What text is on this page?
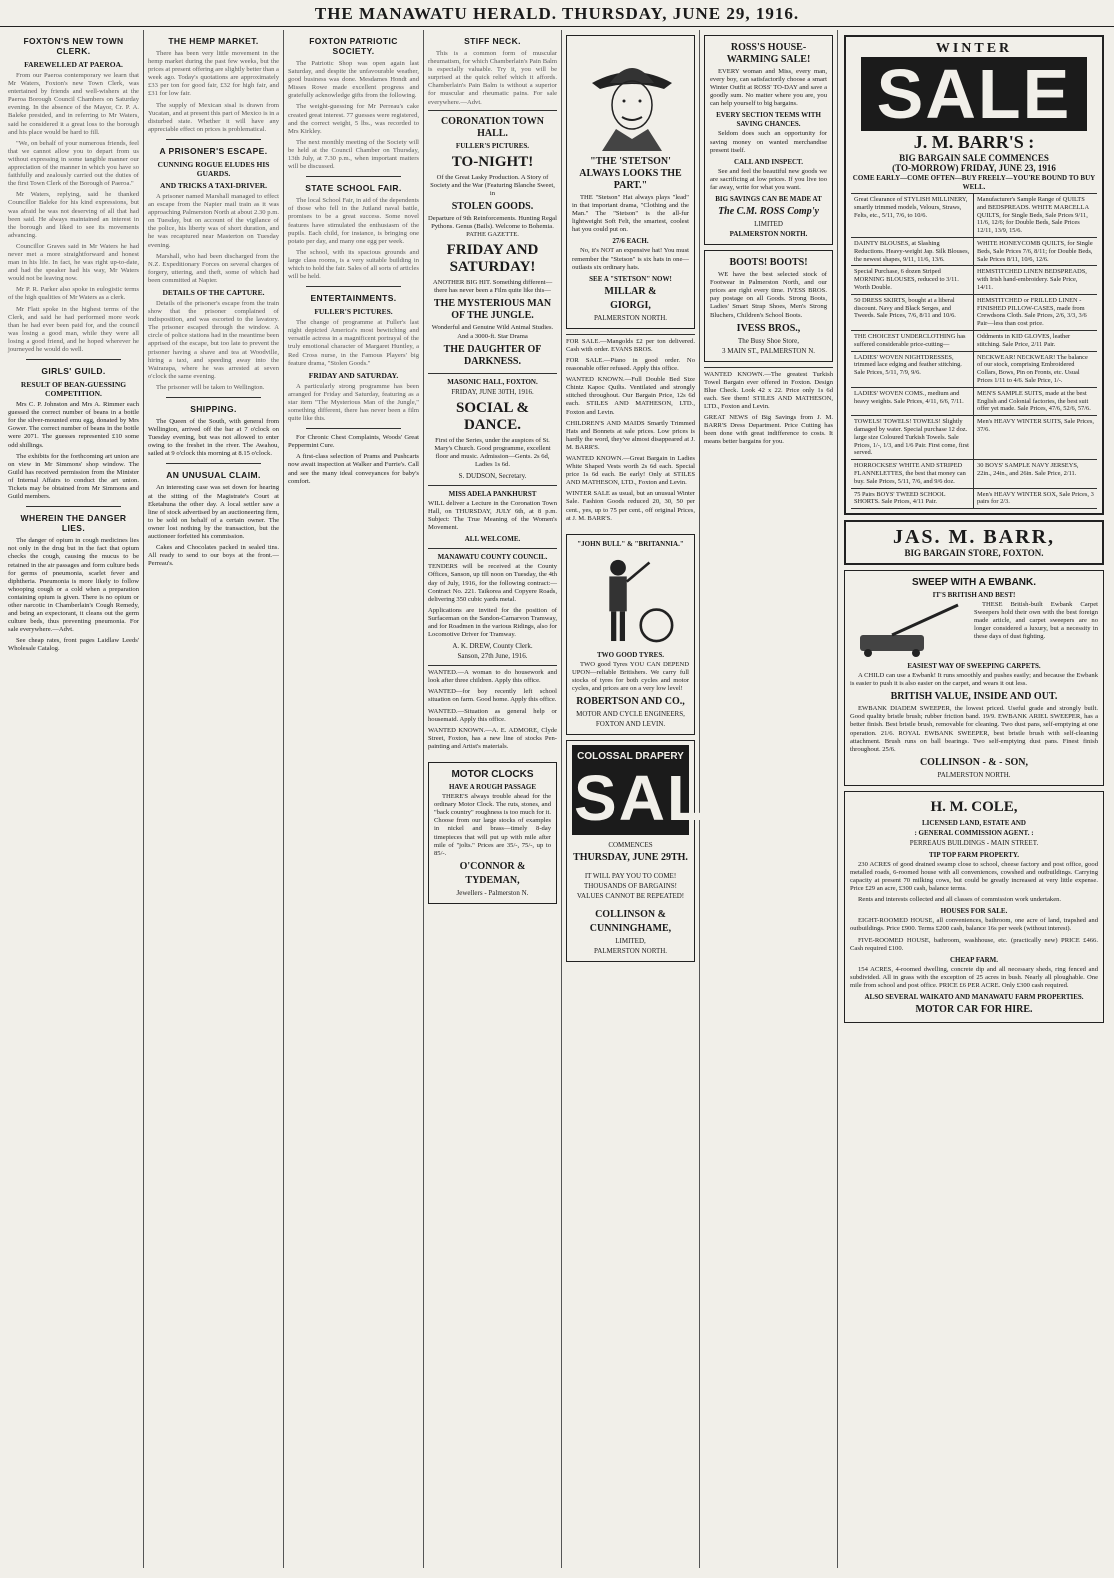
THE MANAWATU HERALD. THURSDAY, JUNE 29, 1916.
FOXTON'S NEW TOWN CLERK.
FAREWELLED AT PAEROA.

From our Paeroa contemporary we learn that Mr Waters, Foxton's new Town Clerk, was entertained by friends and well-wishers at the Paeroa Borough Council Chambers on Saturday evening. In the absence of the Mayor, Cr. P. A. Baleke presided, and in referring to Mr Waters, said he considered it a great loss to the borough and his place would be hard to fill.

"We, on behalf of your numerous friends, feel that we cannot allow you to depart from us without expressing in some tangible manner our appreciation of the manner in which you have so faithfully and zealously carried out the duties of the first Town Clerk of the Borough of Paeroa."

Mr Waters, replying, said he thanked Councillor Baleke for his kind expressions, but was afraid he was not deserving of all that had been said. He always maintained an interest in the borough and liked to see its movements advancing.

Councillor Graves said in Mr Waters he had never met a more straightforward and honest man in his life. In fact, he was right up-to-date, and had the speaker had his way, Mr Waters would not be leaving now.

Mr P. R. Parker also spoke in eulogistic terms of the high qualities of Mr Waters as a clerk.

Mr Flatt spoke in the highest terms of the Clerk, and said he had performed more work than he had ever been paid for, and the council was losing a good man, while they were all losing a good friend, and he hoped wherever he journeyed he would do well.

GIRLS' GUILD.
RESULT OF BEAN-GUESSING COMPETITION.

Mrs C. P. Johnston and Mrs A. Rimmer each guessed the correct number of beans in a bottle for the silver-mounted emu egg, donated by Mrs Gower. The correct number of beans in the bottle were 2071. The guesses represented £10 some odd shillings.

The exhibits for the forthcoming art union are on view in Mr Simmons' shop window. The Guild has received permission from the Minister of Internal Affairs to conduct the art union. Tickets may be obtained from Mr Simmons and Guild members.

WHEREIN THE DANGER LIES.

The danger of opium in cough medicines lies not only in the drug but in the fact that opium checks the cough, causing the mucus to be retained in the air passages and form culture beds for germs of pneumonia, scarlet fever and diphtheria. Pneumonia is more likely to follow whooping cough or a cold when a preparation containing opium is given. There is no opium or other narcotic in Chamberlain's Cough Remedy, and being an expectorant, it cleans out the germ culture beds, thus preventing pneumonia. For sale everywhere.—Advt.

See cheap rates, front pages Laidlaw Leeds' Wholesale Catalog.

THE HEMP MARKET.

There has been very little movement in the hemp market during the past few weeks, but the prices at present offering are slightly better than a week ago. Today's quotations are approximately £33 per ton for good fair, £32 for high fair, and £31 for low fair.

The supply of Mexican sisal is drawn from Yucatan, and at present this part of Mexico is in a disturbed state. Whether it will have any appreciable effect on prices is problematical.

A PRISONER'S ESCAPE.
CUNNING ROGUE ELUDES HIS GUARDS.
AND TRICKS A TAXI-DRIVER.

A prisoner named Marshall managed to effect an escape from the Napier mail train as it was approaching Palmerston North at about 2.30 p.m. on Tuesday, but on account of the vigilance of the police, his liberty was of short duration, and he was recaptured near Masterton on Tuesday evening.

Marshall, who had been discharged from the N.Z. Expeditionary Forces on several charges of forgery, uttering, and theft, some of which had been committed at Napier.

DETAILS OF THE CAPTURE.

Details of the prisoner's escape from the train show that the prisoner complained of indisposition, and was escorted to the lavatory. The prisoner escaped through the window. A circle of police stations had in the meantime been apprised of the escape, but too late to prevent the prisoner having a shave and tea at Woodville, hiring a taxi, and speeding away into the Wairarapa, where he was arrested at seven o'clock the same evening.

The prisoner will be taken to Wellington.

SHIPPING.

The Queen of the South, with general from Wellington, arrived off the bar at 7 o'clock on Tuesday evening, but was not allowed to enter owing to the freshet in the river. The Awahou, sailed at 9 o'clock this morning at 8.15 o'clock.

AN UNUSUAL CLAIM.

An interesting case was set down for hearing at the sitting of the Magistrate's Court at Eketahuna the other day. A local settler saw a line of stock advertised by an auctioneering firm, to be sold on behalf of a certain owner. The owner lost nothing by the transaction, but the auctioneer forfeited his commission.

Cakes and Chocolates packed in sealed tins. All ready to send to our boys at the front.—Perreau's.

FOXTON PATRIOTIC SOCIETY.

The Patriotic Shop was open again last Saturday, and despite the unfavourable weather, good business was done. Mesdames Hondt and Misses Rowe made excellent progress and gratefully acknowledge gifts from the following.

The weight-guessing for Mr Perreau's cake created great interest. 77 guesses were registered, and the correct weight, 5 lbs., was recorded to Mrs Kirkley.

The next monthly meeting of the Society will be held at the Council Chamber on Thursday, 13th July, at 7.30 p.m., when important matters will be discussed.

STATE SCHOOL FAIR.

The local School Fair, in aid of the dependents of those who fell in the Jutland naval battle, promises to be a great success. Some novel features have stimulated the enthusiasm of the pupils. Each child, for instance, is bringing one potato per day, and many one egg per week.

The school, with its spacious grounds and large class rooms, is a very suitable building in which to hold the fair. Sales of all sorts of articles will be held.

ENTERTAINMENTS.
FULLER'S PICTURES.

The change of programme at Fuller's last night depicted America's most bewitching and versatile actress in a magnificent portrayal of the truly emotional character of Margaret Huntley, a Red Cross nurse, in the Famous Players' big feature drama, "Stolen Goods."

FRIDAY AND SATURDAY.

A particularly strong programme has been arranged for Friday and Saturday, featuring as a star item "The Mysterious Man of the Jungle," something different, there has never been a film quite like this.

For Chronic Chest Complaints, Woods' Great Peppermint Cure.

A first-class selection of Prams and Pushcarts now await inspection at Walker and Furrie's. Call and see the many ideal conveyances for baby's comfort.

STIFF NECK.

This is a common form of muscular rheumatism, for which Chamberlain's Pain Balm is especially valuable. Try it, you will be surprised at the quick relief which it affords. Chamberlain's Pain Balm is without a superior for muscular and rheumatic pains. For sale everywhere.—Advt.

CORONATION TOWN HALL.
FULLER'S PICTURES.
TO-NIGHT!

Of the Great Lasky Production. A Story of Society and the War (Featuring Blanche Sweet, in

STOLEN GOODS.

Departure of 9th Reinforcements. Hunting Regal Pythons. Genus (Bails). Welcome to Bohemia. PATHE GAZETTE.

FRIDAY AND SATURDAY!

ANOTHER BIG HIT. Something different—there has never been a Film quite like this—

THE MYSTERIOUS MAN OF THE JUNGLE.

Wonderful and Genuine Wild Animal Studies. And a 3000-ft. Star Drama

THE DAUGHTER OF DARKNESS.
MASONIC HALL, FOXTON.
FRIDAY, JUNE 30TH, 1916.
SOCIAL & DANCE.

First of the Series, under the auspices of St. Mary's Church. Good programme, excellent floor and music. Admission—Gents. 2s 6d, Ladies 1s 6d.

S. DUDSON, Secretary.
MISS ADELA PANKHURST

WILL deliver a Lecture in the Coronation Town Hall, on THURSDAY, JULY 6th, at 8 p.m. Subject: The True Meaning of the Women's Movement.

ALL WELCOME.
MANAWATU COUNTY COUNCIL.

TENDERS will be received at the County Offices, Sanson, up till noon on Tuesday, the 4th day of July, 1916, for the following contract:— Contract No. 221. Taikorea and Copyere Roads, delivering 350 cubic yards metal.

Applications are invited for the position of Surfaceman on the Sandon-Carnarvon Tramway, and for Roadmen in the various Ridings, also for Locomotive Driver for Tramway.

A. K. DREW, County Clerk.
Sanson, 27th June, 1916.

WANTED.—A woman to do housework and look after three children. Apply this office.

WANTED—for boy recently left school situation on farm. Good home. Apply this office.

WANTED.—Situation as general help or housemaid. Apply this office.

WANTED KNOWN.—A. E. ADMORE, Clyde Street, Foxton, has a new line of stocks Pen-painting and Artist's materials.

MOTOR CLOCKS
HAVE A ROUGH PASSAGE

THERE'S always trouble ahead for the ordinary Motor Clock. The ruts, stones, and "back country" roughness is too much for it. Choose from our large stocks of examples in nickel and brass—timely 8-day timepieces that will put up with mile after mile of "jolts." Prices are 35/-, 75/-, up to 85/-.

O'CONNOR &
TYDEMAN,
Jewellers - Palmerston N.
"THE 'STETSON' ALWAYS LOOKS THE PART."

THE "Stetson" Hat always plays "lead" in that important drama, "Clothing and the Man." The "Stetson" is the all-fur lightweight Soft Felt, the smartest, coolest hat you could put on.

27/6 EACH.

No, it's NOT an expensive hat! You must remember the "Stetson" is six hats in one—outlasts six ordinary hats.

SEE A "STETSON" NOW!
MILLAR &
GIORGI,
PALMERSTON NORTH.

FOR SALE.—Mangolds £2 per ton delivered. Cash with order. EVANS BROS.

FOR SALE.—Piano in good order. No reasonable offer refused. Apply this office.

WANTED KNOWN.—Full Double Bed Size Chintz Kapoc Quilts. Ventilated and strongly stitched throughout. Our Bargain Price, 12s 6d each. STILES AND MATHESON, LTD., Foxton and Levin.

CHILDREN'S AND MAIDS Smartly Trimmed Hats and Bonnets at sale prices. Low prices is hardly the word, they've almost disappeared at J. M. BARR'S.

WANTED KNOWN.—Great Bargain in Ladies White Shaped Vests worth 2s 6d each. Special price 1s 6d each. Be early! Only at STILES AND MATHESON, LTD., Foxton and Levin.

WINTER SALE as usual, but an unusual Winter Sale. Fashion Goods reduced 20, 30, 50 per cent., yes, up to 75 per cent., off original Prices, at J. M. BARR'S.

"JOHN BULL" & "BRITANNIA."
TWO GOOD TYRES.

TWO good Tyres YOU CAN DEPEND UPON—reliable Britishers. We carry full stocks of tyres for both cycles and motor cycles, and prices are on a very low level!

ROBERTSON AND CO.,
MOTOR AND CYCLE ENGINEERS,
FOXTON AND LEVIN.
COLOSSAL DRAPERY
SALE
COMMENCES
THURSDAY, JUNE 29TH.
IT WILL PAY YOU TO COME!
THOUSANDS OF BARGAINS!
VALUES CANNOT BE REPEATED!
COLLINSON &
CUNNINGHAME,
LIMITED,
PALMERSTON NORTH.
ROSS'S HOUSE-WARMING SALE!

EVERY woman and Miss, every man, every boy, can satisfactorily choose a smart Winter Outfit at ROSS' TO-DAY and save a goodly sum. No matter where you are, you can help yourself to big bargains.

EVERY SECTION TEEMS WITH SAVING CHANCES.

Seldom does such an opportunity for saving money on wanted merchandise present itself.

CALL AND INSPECT.

See and feel the beautiful new goods we are sacrificing at low prices. If you live too far away, write for what you want.

BIG SAVINGS CAN BE MADE AT
The C.M. ROSS Comp'y
LIMITED
PALMERSTON NORTH.
BOOTS! BOOTS!

WE have the best selected stock of Footwear in Palmerston North, and our prices are right every time. IVESS BROS. pay postage on all Goods. Strong Boots, Ladies' Smart Strap Shoes, Men's Strong Bluchers, Children's School Boots.

IVESS BROS.,
The Busy Shoe Store,
3 MAIN ST., PALMERSTON N.

WANTED KNOWN.—The greatest Turkish Towel Bargain ever offered in Foxton. Design Blue Check. Look 42 x 22. Price only 1s 6d each. See them! STILES AND MATHESON, LTD., Foxton and Levin.

GREAT NEWS of Big Savings from J. M. BARR'S Dress Department. Price Cutting has been done with great indifference to costs. It means better bargains for you.

WINTER
SALE
J. M. BARR'S :
BIG BARGAIN SALE COMMENCES
(TO-MORROW) FRIDAY, JUNE 23, 1916
COME EARLY—COME OFTEN—BUY FREELY—YOU'RE BOUND TO BUY WELL.
Great Clearance of STYLISH MILLINERY, smartly trimmed models, Velours, Straws, Felts, etc., 5/11, 7/6, to 10/6.
Manufacturer's Sample Range of QUILTS and BEDSPREADS. WHITE MARCELLA QUILTS, for Single Beds, Sale Prices 9/11, 11/6, 12/6; for Double Beds, Sale Prices 12/11, 13/9, 15/6.
DAINTY BLOUSES, at Slashing Reductions. Heavy-weight Jap. Silk Blouses, the newest shapes, 9/11, 11/6, 13/6.
WHITE HONEYCOMB QUILTS, for Single Beds, Sale Prices 7/6, 8/11; for Double Beds, Sale Prices 8/11, 10/6, 12/6.
Special Purchase, 6 dozen Striped MORNING BLOUSES, reduced to 3/11. Worth Double.
HEMSTITCHED LINEN BEDSPREADS, with Irish hand-embroidery. Sale Price, 14/11.
50 DRESS SKIRTS, bought at a liberal discount. Navy and Black Serges, and Tweeds. Sale Prices, 7/6, 8/11 and 10/6.
HEMSTITCHED or FRILLED LINEN - FINISHED PILLOW-CASES, made from Crewdsons Cloth. Sale Prices, 2/6, 3/3, 3/6 Pair—less than cost price.
THE CHOICEST UNDERCLOTHING has suffered considerable price-cutting—
Oddments in KID GLOVES, leather stitching. Sale Price, 2/11 Pair.
LADIES' WOVEN NIGHTDRESSES, trimmed lace edging and feather stitching. Sale Prices, 5/11, 7/9, 9/6.
NECKWEAR! NECKWEAR! The balance of our stock, comprising Embroidered Collars, Bows, Pin on Fronts, etc. Usual Prices 1/11 to 4/6. Sale Price, 1/-.
LADIES' WOVEN COMS., medium and heavy weights. Sale Prices, 4/11, 6/6, 7/11.
MEN'S SAMPLE SUITS, made at the best English and Colonial factories, the best suit offer yet made. Sale Prices, 47/6, 52/6, 57/6.
TOWELS! TOWELS! TOWELS! Slightly damaged by water. Special purchase 12 doz. large size Coloured Turkish Towels. Sale Prices, 1/-, 1/3, and 1/6 Pair. First come, first served.
Men's HEAVY WINTER SUITS, Sale Prices, 37/6.
HORROCKSES' WHITE AND STRIPED FLANNELETTES, the best that money can buy. Sale Prices, 5/11, 7/6, and 9/6 doz.
30 BOYS' SAMPLE NAVY JERSEYS, 22in., 24in., and 26in. Sale Price, 2/11.
75 Pairs BOYS' TWEED SCHOOL SHORTS. Sale Prices, 4/11 Pair.
Men's HEAVY WINTER SOX, Sale Prices, 3 pairs for 2/3.
JAS. M. BARR,
BIG BARGAIN STORE, FOXTON.
SWEEP WITH A EWBANK.
IT'S BRITISH AND BEST!

THESE British-built Ewbank Carpet Sweepers hold their own with the best foreign made article, and carpet sweepers are no longer considered a luxury, but a necessity in these days of dust fighting.

EASIEST WAY OF SWEEPING CARPETS.

A CHILD can use a Ewbank! It runs smoothly and pushes easily; and because the Ewbank is easier to push it is also easier on the carpet, and wears it out less.

BRITISH VALUE, INSIDE AND OUT.

EWBANK DIADEM SWEEPER, the lowest priced. Useful grade and strongly built. Good quality bristle brush; rubber friction band. 19/9. EWBANK ARIEL SWEEPER, has a better finish. Best bristle brush, removable for cleaning. Two dust pans, self-emptying at one operation. 21/6. ROYAL EWBANK SWEEPER, best bristle brush with self-cleaning attachment. Brush runs on ball bearings. Two self-emptying dust pans. Finest finish throughout. 25/6.

COLLINSON - & - SON,
PALMERSTON NORTH.
H. M. COLE,
LICENSED LAND, ESTATE AND
: GENERAL COMMISSION AGENT. :
PERREAUS BUILDINGS - MAIN STREET.
TIP TOP FARM PROPERTY.

230 ACRES of good drained swamp close to school, cheese factory and post office, good metalled roads, 6-roomed house with all conveniences, cowshed and outbuildings. Carrying capacity at present 70 milking cows, but could be greatly increased at very little expense. Price £29 an acre, £300 cash, balance terms.

Rents and interests collected and all classes of commission work undertaken.

HOUSES FOR SALE.

EIGHT-ROOMED HOUSE, all conveniences, bathroom, one acre of land, trapshed and outbuildings. Price £900. Terms £200 cash, balance 16s per week (without interest).

FIVE-ROOMED HOUSE, bathroom, washhouse, etc. (practically new) PRICE £466. Cash required £100.

CHEAP FARM.

154 ACRES, 4-roomed dwelling, concrete dip and all necessary sheds, ring fenced and subdivided. All in grass with the exception of 25 acres in bush. Nearly all ploughable. One mile from school and post office. PRICE £6 PER ACRE. Only £300 cash required.

ALSO SEVERAL WAIKATO AND MANAWATU FARM PROPERTIES.
MOTOR CAR FOR HIRE.
